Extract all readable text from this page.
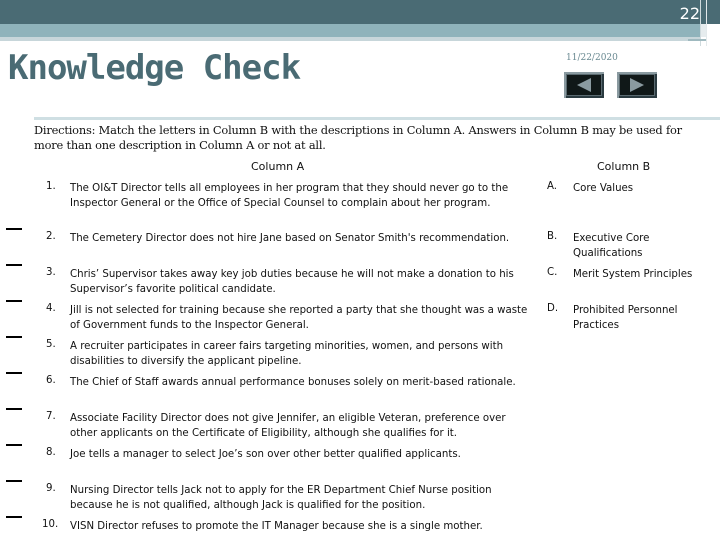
22
Knowledge Check	11/22/2020
Directions: Match the letters in Column B with the descriptions in Column A. Answers in Column B may be used for more than one description in Column A or not at all.
Column A	Column B
1. The OI&T Director tells all employees in her program that they should never go to the Inspector General or the Office of Special Counsel to complain about her program.
2. The Cemetery Director does not hire Jane based on Senator Smith's recommendation.
3. Chris’ Supervisor takes away key job duties because he will not make a donation to his Supervisor’s favorite political candidate.
4. Jill is not selected for training because she reported a party that she thought was a waste of Government funds to the Inspector General.
5. A recruiter participates in career fairs targeting minorities, women, and persons with disabilities to diversify the applicant pipeline.
6. The Chief of Staff awards annual performance bonuses solely on merit-based rationale.
7. Associate Facility Director does not give Jennifer, an eligible Veteran, preference over other applicants on the Certificate of Eligibility, although she qualifies for it.
8. Joe tells a manager to select Joe’s son over other better qualified applicants.
9. Nursing Director tells Jack not to apply for the ER Department Chief Nurse position because he is not qualified, although Jack is qualified for the position.
10. VISN Director refuses to promote the IT Manager because she is a single mother.
A. Core Values
B. Executive Core Qualifications
C. Merit System Principles
D. Prohibited Personnel Practices
